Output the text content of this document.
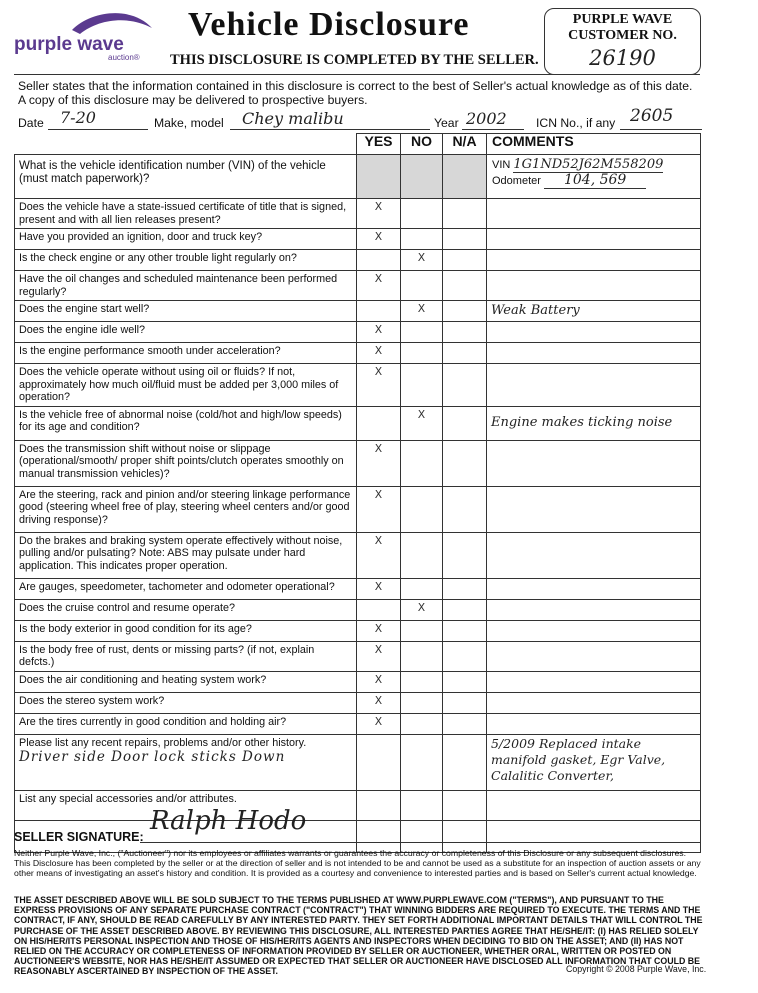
purple wave
auction®
Vehicle Disclosure
THIS DISCLOSURE IS COMPLETED BY THE SELLER.
PURPLE WAVE
CUSTOMER NO.
26190
Seller states that the information contained in this disclosure is correct to the best of Seller's actual knowledge as of this date.
A copy of this disclosure may be delivered to prospective buyers.
Date 7-20	Make, model Chey malibu	Year 2002 ICN No., if any 2605
	YES	NO	N/A	COMMENTS
What is the vehicle identification number (VIN) of the vehicle (must match paperwork)?				VIN 1G1ND52J62M558209
Odometer 104, 569

Does the vehicle have a state-issued certificate of title that is signed, present and with all lien releases present?	X			
Have you provided an ignition, door and truck key?	X			
Is the check engine or any other trouble light regularly on?		X		
Have the oil changes and scheduled maintenance been performed regularly?	X			
Does the engine start well?		X		Weak Battery
Does the engine idle well?	X			
Is the engine performance smooth under acceleration?	X			
Does the vehicle operate without using oil or fluids? If not, approximately how much oil/fluid must be added per 3,000 miles of operation?	X			
Is the vehicle free of abnormal noise (cold/hot and high/low speeds) for its age and condition?		X		Engine makes ticking noise
Does the transmission shift without noise or slippage (operational/smooth/ proper shift points/clutch operates smoothly on manual transmission vehicles)?	X			
Are the steering, rack and pinion and/or steering linkage performance good (steering wheel free of play, steering wheel centers and/or good driving response)?	X			
Do the brakes and braking system operate effectively without noise, pulling and/or pulsating? Note: ABS may pulsate under hard application. This indicates proper operation.	X			
Are gauges, speedometer, tachometer and odometer operational?	X			
Does the cruise control and resume operate?		X		
Is the body exterior in good condition for its age?	X			
Is the body free of rust, dents or missing parts? (if not, explain defcts.)	X			
Does the air conditioning and heating system work?	X			
Does the stereo system work?	X			
Are the tires currently in good condition and holding air?	X			

Please list any recent repairs, problems and/or other history.
Driver side Door lock sticks Down				5/2009 Replaced intake manifold gasket, Egr Valve, Calalitic Converter,

List any special accessories and/or attributes.				

SELLER SIGNATURE:
Ralph Hodo
Neither Purple Wave, Inc., ("Auctioneer") nor its employees or affiliates warrants or guarantees the accuracy or completeness of this Disclosure or any subsequent disclosures. This Disclosure has been completed by the seller or at the direction of seller and is not intended to be and cannot be used as a substitute for an inspection of auction assets or any other means of investigating an asset's history and condition. It is provided as a courtesy and convenience to interested parties and is based on Seller's current actual knowledge.
THE ASSET DESCRIBED ABOVE WILL BE SOLD SUBJECT TO THE TERMS PUBLISHED AT WWW.PURPLEWAVE.COM ("TERMS"), AND PURSUANT TO THE EXPRESS PROVISIONS OF ANY SEPARATE PURCHASE CONTRACT ("CONTRACT") THAT WINNING BIDDERS ARE REQUIRED TO EXECUTE. THE TERMS AND THE CONTRACT, IF ANY, SHOULD BE READ CAREFULLY BY ANY INTERESTED PARTY. THEY SET FORTH ADDITIONAL IMPORTANT DETAILS THAT WILL CONTROL THE PURCHASE OF THE ASSET DESCRIBED ABOVE. BY REVIEWING THIS DISCLOSURE, ALL INTERESTED PARTIES AGREE THAT HE/SHE/IT: (I) HAS RELIED SOLELY ON HIS/HER/ITS PERSONAL INSPECTION AND THOSE OF HIS/HER/ITS AGENTS AND INSPECTORS WHEN DECIDING TO BID ON THE ASSET; AND (II) HAS NOT RELIED ON THE ACCURACY OR COMPLETENESS OF INFORMATION PROVIDED BY SELLER OR AUCTIONEER, WHETHER ORAL, WRITTEN OR POSTED ON AUCTIONEER'S WEBSITE, NOR HAS HE/SHE/IT ASSUMED OR EXPECTED THAT SELLER OR AUCTIONEER HAVE DISCLOSED ALL INFORMATION THAT COULD BE REASONABLY ASCERTAINED BY INSPECTION OF THE ASSET.	Copyright © 2008 Purple Wave, Inc.
